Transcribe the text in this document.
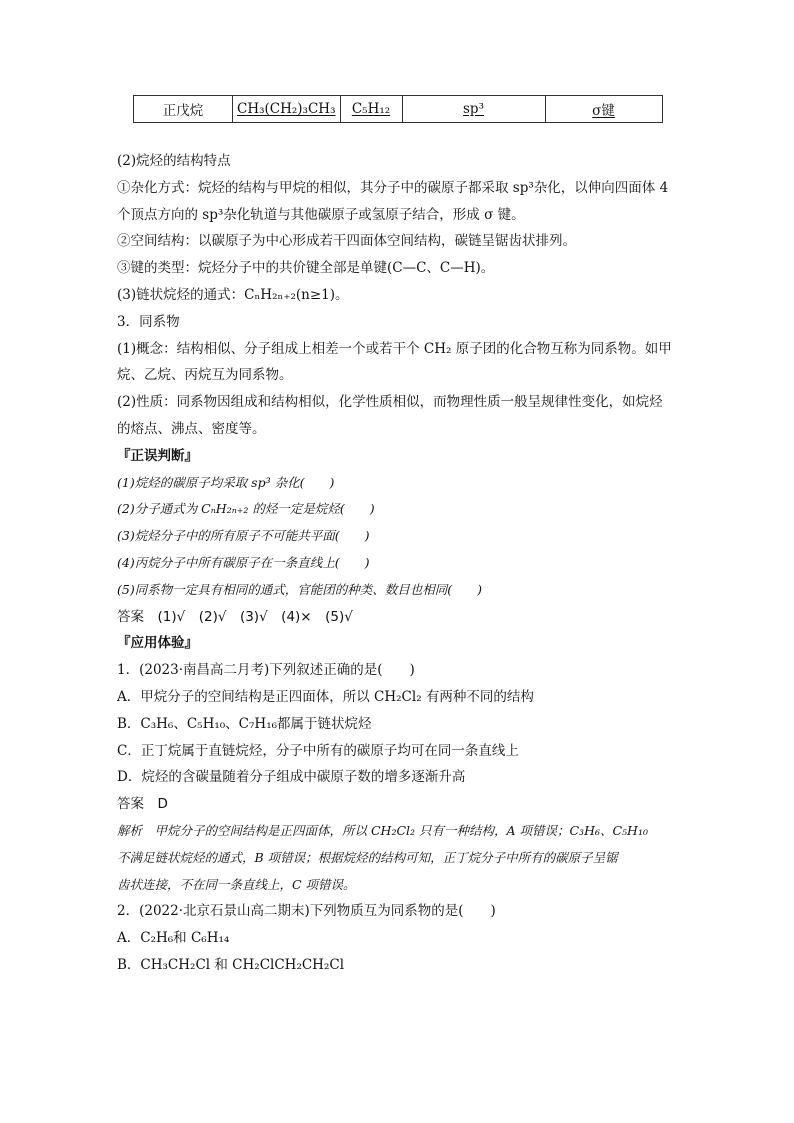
正戊烷	CH₃(CH₂)₃CH₃	C₅H₁₂	sp³	σ键
(2)烷烃的结构特点
①杂化方式：烷烃的结构与甲烷的相似，其分子中的碳原子都采取 sp³杂化，以伸向四面体 4
个顶点方向的 sp³杂化轨道与其他碳原子或氢原子结合，形成 σ 键。
②空间结构：以碳原子为中心形成若干四面体空间结构，碳链呈锯齿状排列。
③键的类型：烷烃分子中的共价键全部是单键(C—C、C—H)。
(3)链状烷烃的通式：CₙH₂ₙ₊₂(n≥1)。
3．同系物
(1)概念：结构相似、分子组成上相差一个或若干个 CH₂ 原子团的化合物互称为同系物。如甲
烷、乙烷、丙烷互为同系物。
(2)性质：同系物因组成和结构相似，化学性质相似，而物理性质一般呈规律性变化，如烷烃
的熔点、沸点、密度等。
『正误判断』
(1)烷烃的碳原子均采取 sp³ 杂化(　　)
(2)分子通式为 CₙH₂ₙ₊₂ 的烃一定是烷烃(　　)
(3)烷烃分子中的所有原子不可能共平面(　　)
(4)丙烷分子中所有碳原子在一条直线上(　　)
(5)同系物一定具有相同的通式，官能团的种类、数目也相同(　　)
答案　(1)√　(2)√　(3)√　(4)×　(5)√
『应用体验』
1．(2023·南昌高二月考)下列叙述正确的是(　　)
A．甲烷分子的空间结构是正四面体，所以 CH₂Cl₂ 有两种不同的结构
B．C₃H₆、C₅H₁₀、C₇H₁₆都属于链状烷烃
C．正丁烷属于直链烷烃，分子中所有的碳原子均可在同一条直线上
D．烷烃的含碳量随着分子组成中碳原子数的增多逐渐升高
答案　D
解析　甲烷分子的空间结构是正四面体，所以 CH₂Cl₂ 只有一种结构，A 项错误；C₃H₆、C₅H₁₀
不满足链状烷烃的通式，B 项错误；根据烷烃的结构可知，正丁烷分子中所有的碳原子呈锯
齿状连接，不在同一条直线上，C 项错误。
2．(2022·北京石景山高二期末)下列物质互为同系物的是(　　)
A．C₂H₆和 C₆H₁₄
B．CH₃CH₂Cl 和 CH₂ClCH₂CH₂Cl
